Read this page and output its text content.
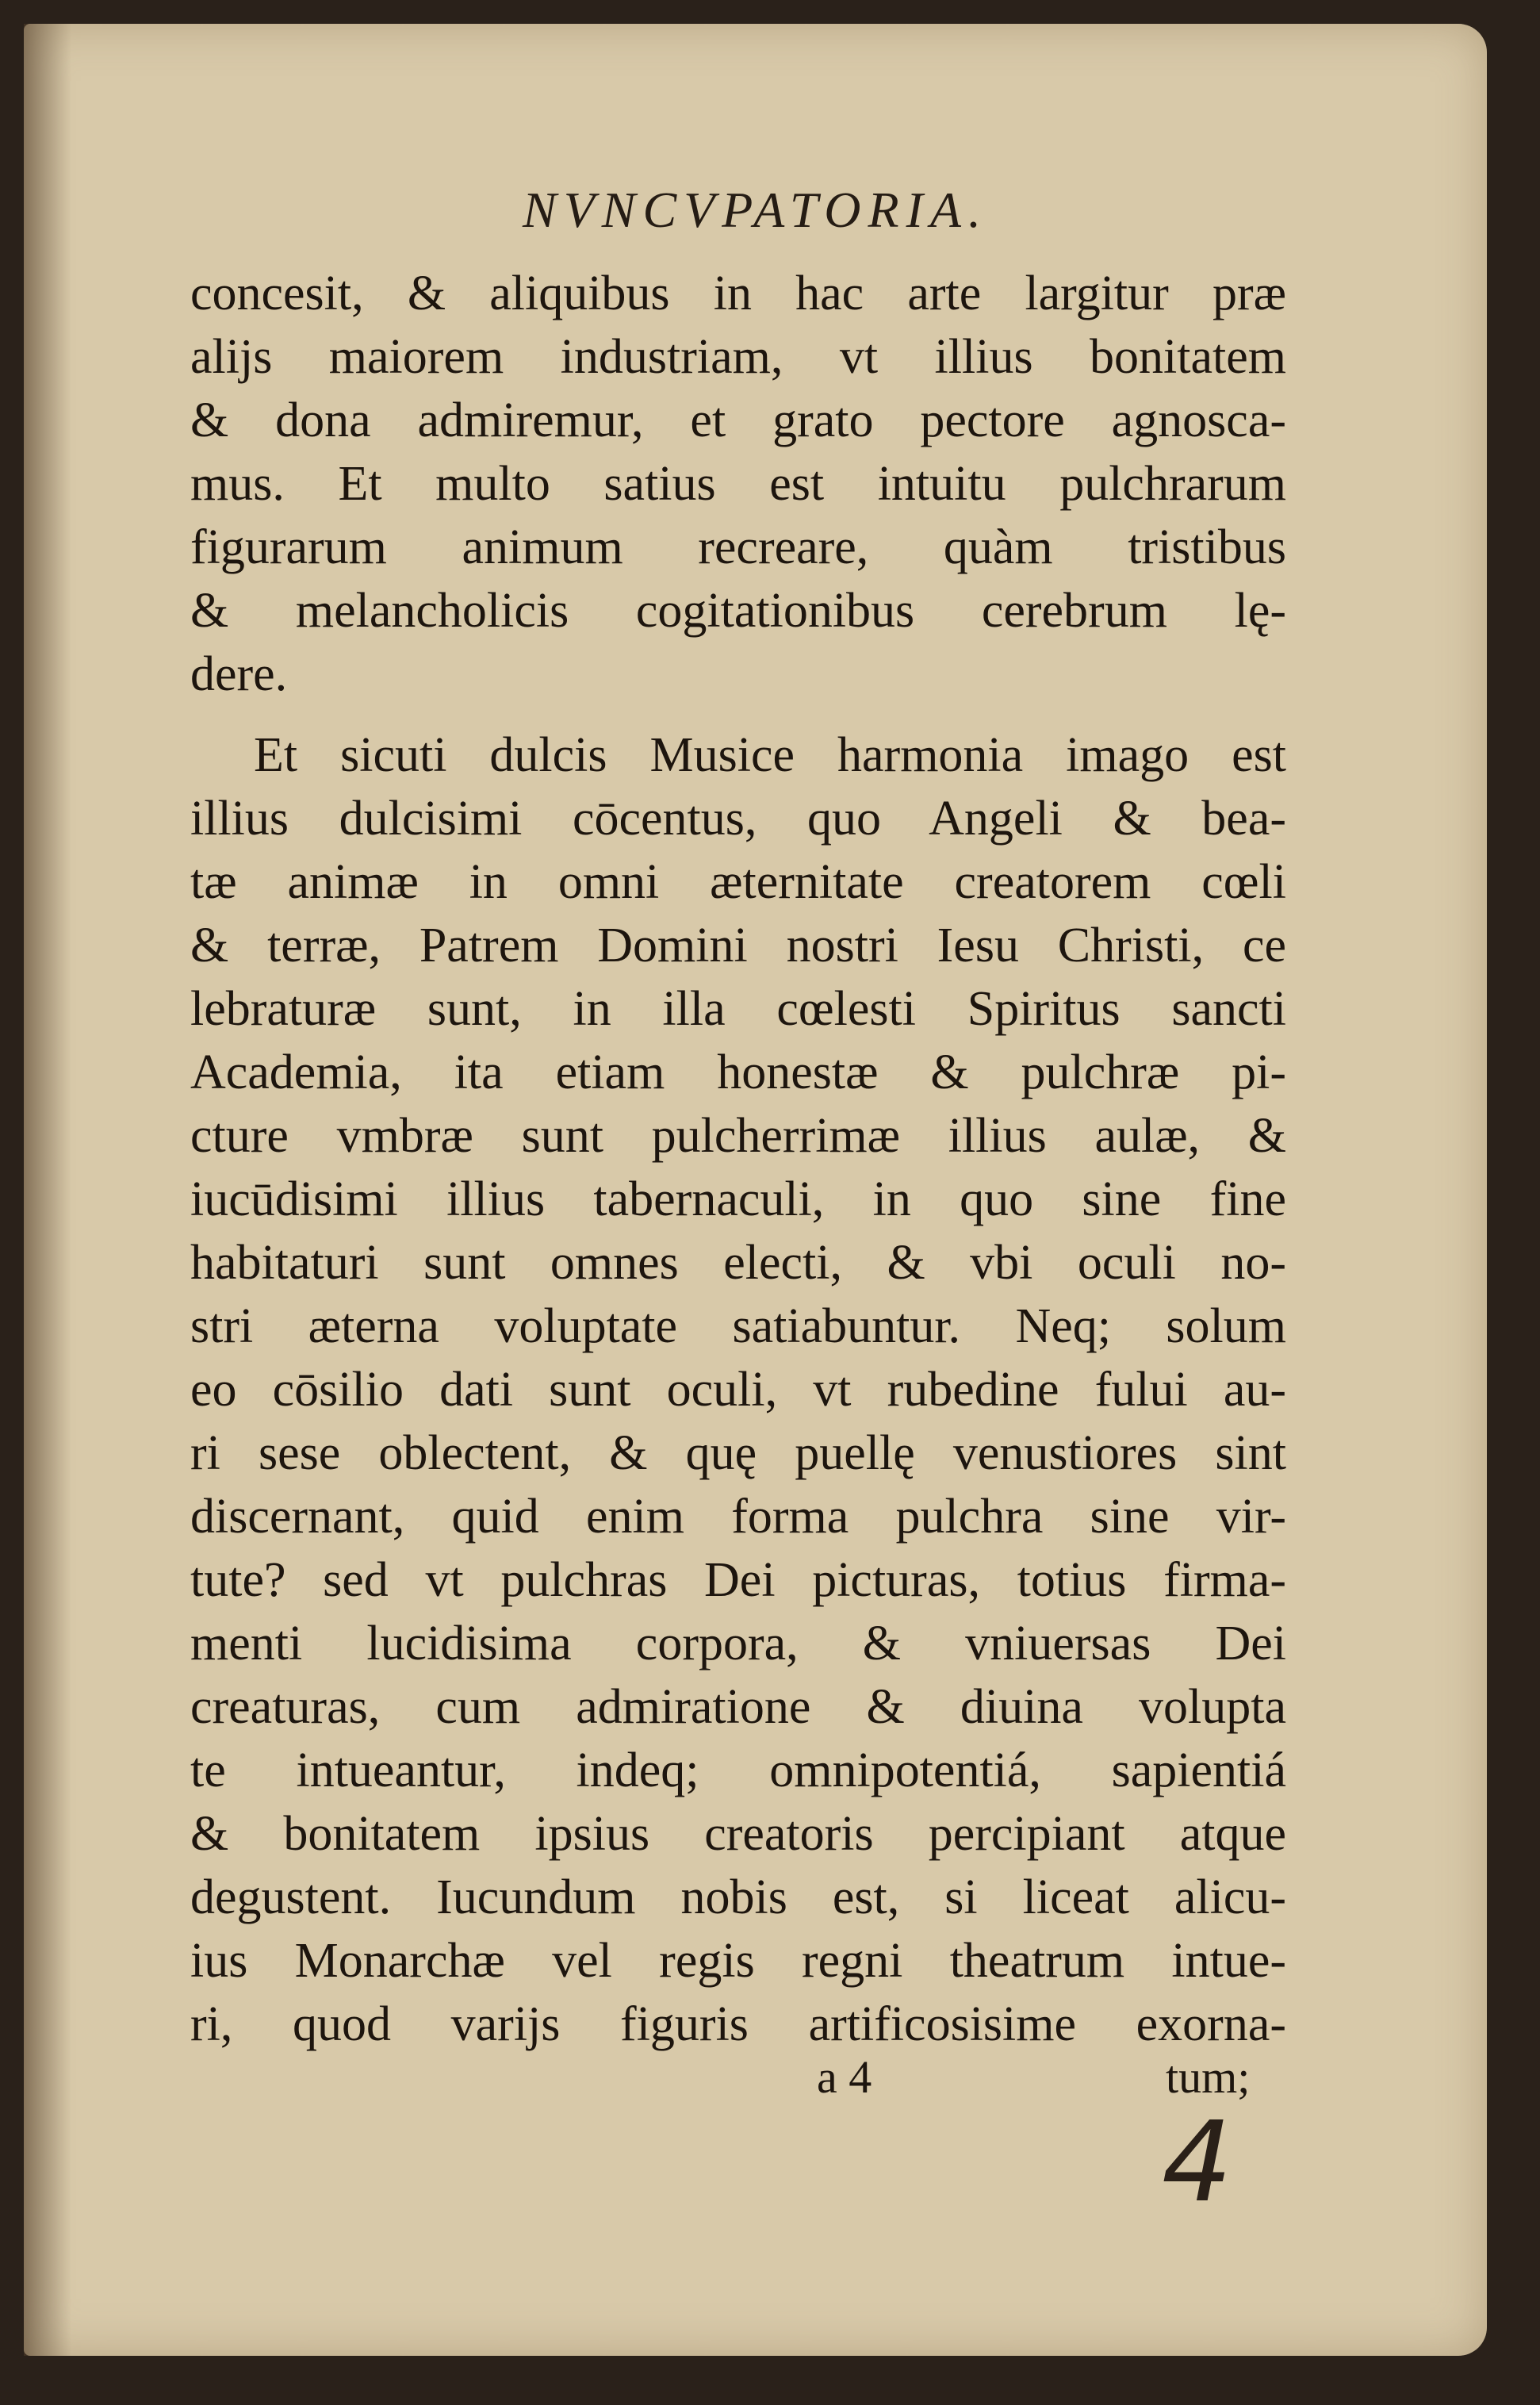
NVNCVPATORIA.
concesit, & aliquibus in hac arte largitur præ
alijs maiorem industriam, vt illius bonitatem
& dona admiremur, et grato pectore agnosca-
mus. Et multo satius est intuitu pulchrarum
figurarum animum recreare, quàm tristibus
& melancholicis cogitationibus cerebrum lę-
dere.
Et sicuti dulcis Musice harmonia imago est
illius dulcisimi cōcentus, quo Angeli & bea-
tæ animæ in omni æternitate creatorem cœli
& terræ, Patrem Domini nostri Iesu Christi, ce
lebraturæ sunt, in illa cœlesti Spiritus sancti
Academia, ita etiam honestæ & pulchræ pi-
cture vmbræ sunt pulcherrimæ illius aulæ, &
iucūdisimi illius tabernaculi, in quo sine fine
habitaturi sunt omnes electi, & vbi oculi no-
stri æterna voluptate satiabuntur. Neq; solum
eo cōsilio dati sunt oculi, vt rubedine fului au-
ri sese oblectent, & quę puellę venustiores sint
discernant, quid enim forma pulchra sine vir-
tute? sed vt pulchras Dei picturas, totius firma-
menti lucidisima corpora, & vniuersas Dei
creaturas, cum admiratione & diuina volupta
te intueantur, indeq; omnipotentiá, sapientiá
& bonitatem ipsius creatoris percipiant atque
degustent. Iucundum nobis est, si liceat alicu-
ius Monarchæ vel regis regni theatrum intue-
ri, quod varijs figuris artificosisime exorna-
a 4	tum;
4
